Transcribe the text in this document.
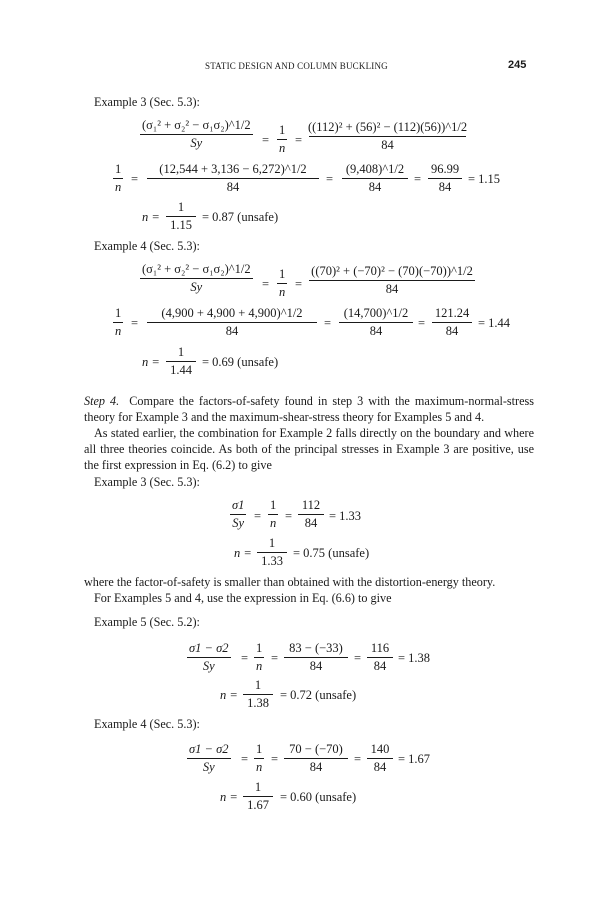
STATIC DESIGN AND COLUMN BUCKLING	245
Example 3 (Sec. 5.3):
(σ₁² + σ₂² − σ₁σ₂)^1/2
Sy	=
1
n
=
((112)² + (56)² − (112)(56))^1/2
84
1
n
=
(12,544 + 3,136 − 6,272)^1/2
84
=
(9,408)^1/2
84
=
96.99
84
= 1.15
n =
1
1.15
= 0.87 (unsafe)
Example 4 (Sec. 5.3):
(σ₁² + σ₂² − σ₁σ₂)^1/2
Sy	=
1
n
=
((70)² + (−70)² − (70)(−70))^1/2
84
1
n
=
(4,900 + 4,900 + 4,900)^1/2
84
=
(14,700)^1/2
84
=
121.24
84
= 1.44
n =
1
1.44
= 0.69 (unsafe)
Step 4. Compare the factors-of-safety found in step 3 with the maximum-normal-stress theory for Example 3 and the maximum-shear-stress theory for Examples 5 and 4.
As stated earlier, the combination for Example 2 falls directly on the boundary and where all three theories coincide. As both of the principal stresses in Example 3 are positive, use the first expression in Eq. (6.2) to give
Example 3 (Sec. 5.3):
σ1
Sy =
1
n =
112
84 = 1.33
n =
1
1.33
= 0.75 (unsafe)
where the factor-of-safety is smaller than obtained with the distortion-energy theory.
For Examples 5 and 4, use the expression in Eq. (6.6) to give
Example 5 (Sec. 5.2):
σ1 − σ2
Sy
=
1
n
=
83 − (−33)
84
=
116
84
= 1.38
n =
1
1.38
= 0.72 (unsafe)
Example 4 (Sec. 5.3):
σ1 − σ2
Sy
=
1
n
=
70 − (−70)
84
=
140
84
= 1.67
n =
1
1.67
= 0.60 (unsafe)
